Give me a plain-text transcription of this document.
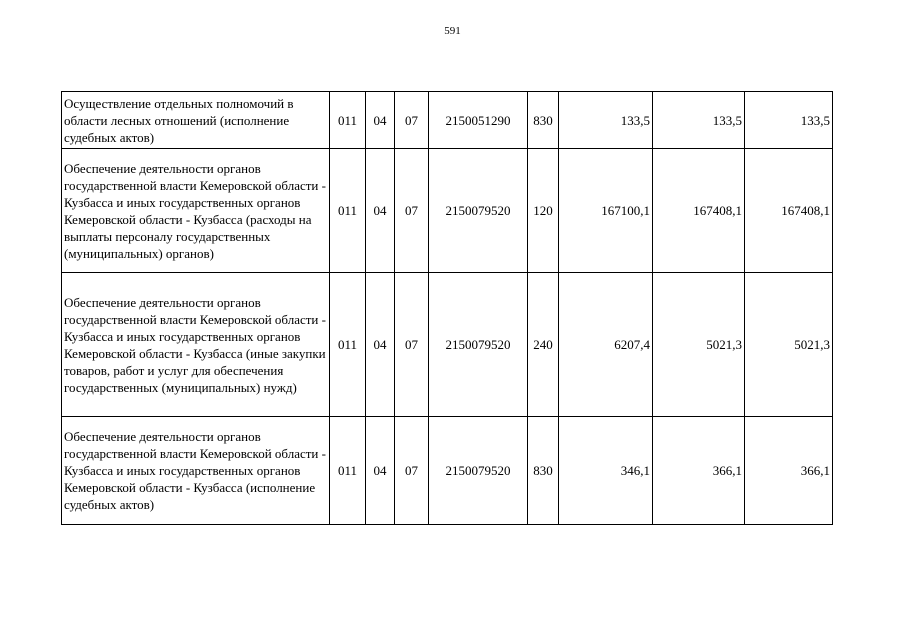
591
Осуществление отдельных полномочий в области лесных отношений (исполнение судебных актов)	011	04	07	2150051290	830	133,5	133,5	133,5
Обеспечение деятельности органов государственной власти Кемеровской области - Кузбасса и иных государственных органов Кемеровской области - Кузбасса (расходы на выплаты персоналу государственных (муниципальных) органов)	011	04	07	2150079520	120	167100,1	167408,1	167408,1
Обеспечение деятельности органов государственной власти Кемеровской области - Кузбасса и иных государственных органов Кемеровской области - Кузбасса (иные закупки товаров, работ и услуг для обеспечения государственных (муниципальных) нужд)	011	04	07	2150079520	240	6207,4	5021,3	5021,3
Обеспечение деятельности органов государственной власти Кемеровской области - Кузбасса и иных государственных органов Кемеровской области - Кузбасса (исполнение судебных актов)	011	04	07	2150079520	830	346,1	366,1	366,1
